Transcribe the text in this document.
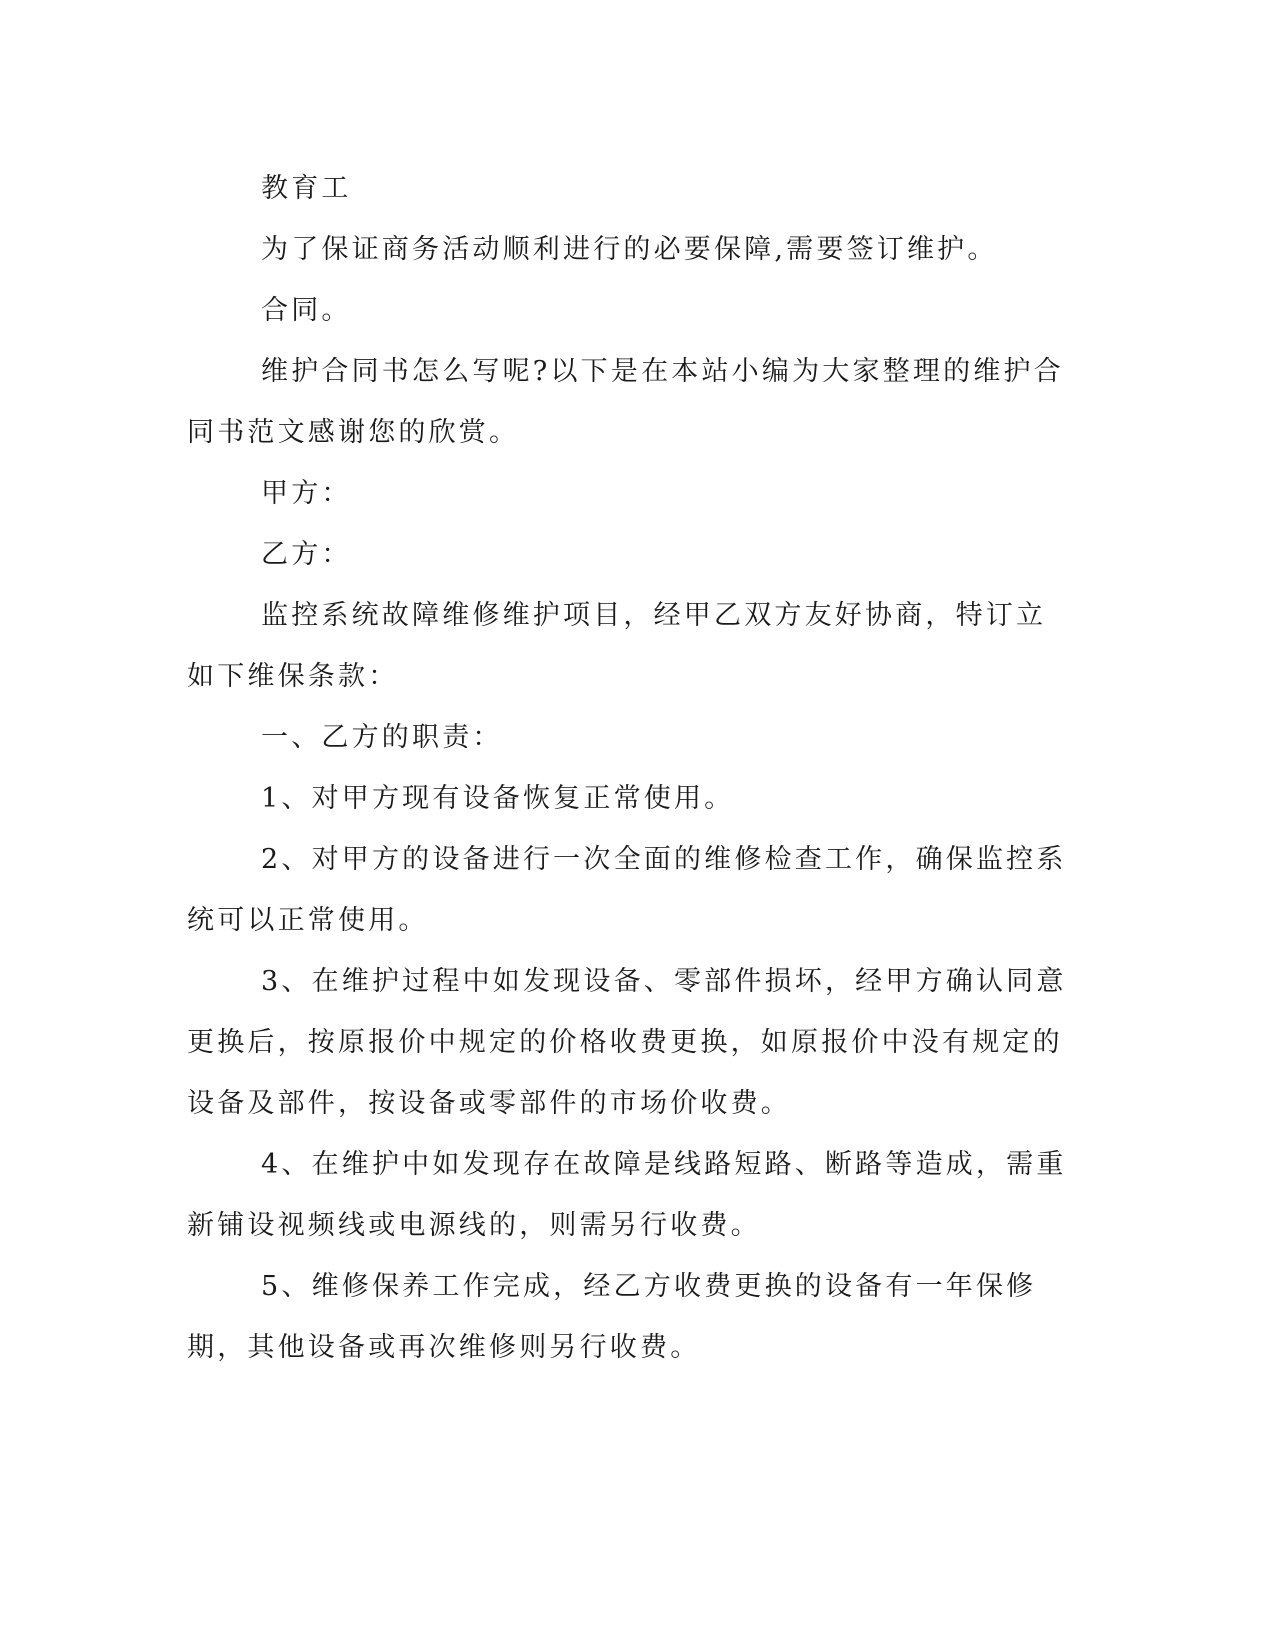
教育工

为了保证商务活动顺利进行的必要保障,需要签订维护。

合同。

维护合同书怎么写呢?以下是在本站小编为大家整理的维护合同书范文感谢您的欣赏。

甲方：

乙方：

监控系统故障维修维护项目，经甲乙双方友好协商，特订立如下维保条款：

一、乙方的职责：

1、对甲方现有设备恢复正常使用。

2、对甲方的设备进行一次全面的维修检查工作，确保监控系统可以正常使用。

3、在维护过程中如发现设备、零部件损坏，经甲方确认同意更换后，按原报价中规定的价格收费更换，如原报价中没有规定的设备及部件，按设备或零部件的市场价收费。

4、在维护中如发现存在故障是线路短路、断路等造成，需重新铺设视频线或电源线的，则需另行收费。

5、维修保养工作完成，经乙方收费更换的设备有一年保修期，其他设备或再次维修则另行收费。
